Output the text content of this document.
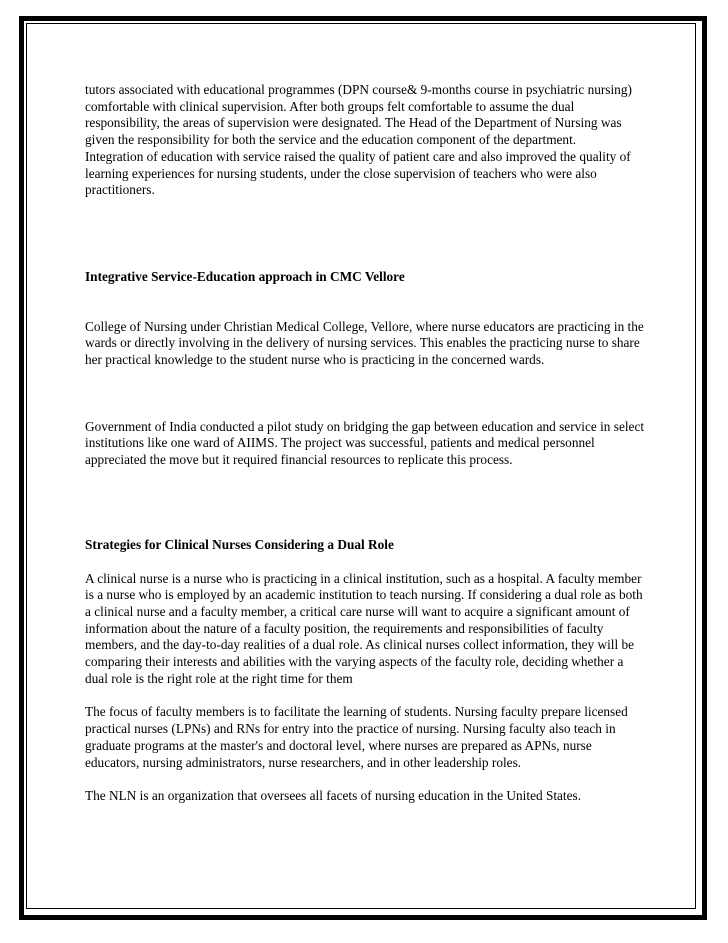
tutors associated with educational programmes (DPN course& 9-months course in psychiatric nursing) comfortable with clinical supervision. After both groups felt comfortable to assume the dual responsibility, the areas of supervision were designated. The Head of the Department of Nursing was given the responsibility for both the service and the education component of the department.

Integration of education with service raised the quality of patient care and also improved the quality of learning experiences for nursing students, under the close supervision of teachers who were also practitioners.

Integrative Service-Education approach in CMC Vellore

College of Nursing under Christian Medical College, Vellore, where nurse educators are practicing in the wards or directly involving in the delivery of nursing services. This enables the practicing nurse to share her practical knowledge to the student nurse who is practicing in the concerned wards.

Government of India conducted a pilot study on bridging the gap between education and service in select institutions like one ward of AIIMS. The project was successful, patients and medical personnel appreciated the move but it required financial resources to replicate this process.

Strategies for Clinical Nurses Considering a Dual Role

A clinical nurse is a nurse who is practicing in a clinical institution, such as a hospital. A faculty member is a nurse who is employed by an academic institution to teach nursing. If considering a dual role as both a clinical nurse and a faculty member, a critical care nurse will want to acquire a significant amount of information about the nature of a faculty position, the requirements and responsibilities of faculty members, and the day-to-day realities of a dual role. As clinical nurses collect information, they will be comparing their interests and abilities with the varying aspects of the faculty role, deciding whether a dual role is the right role at the right time for them

The focus of faculty members is to facilitate the learning of students. Nursing faculty prepare licensed practical nurses (LPNs) and RNs for entry into the practice of nursing. Nursing faculty also teach in graduate programs at the master's and doctoral level, where nurses are prepared as APNs, nurse educators, nursing administrators, nurse researchers, and in other leadership roles.

The NLN is an organization that oversees all facets of nursing education in the United States.
